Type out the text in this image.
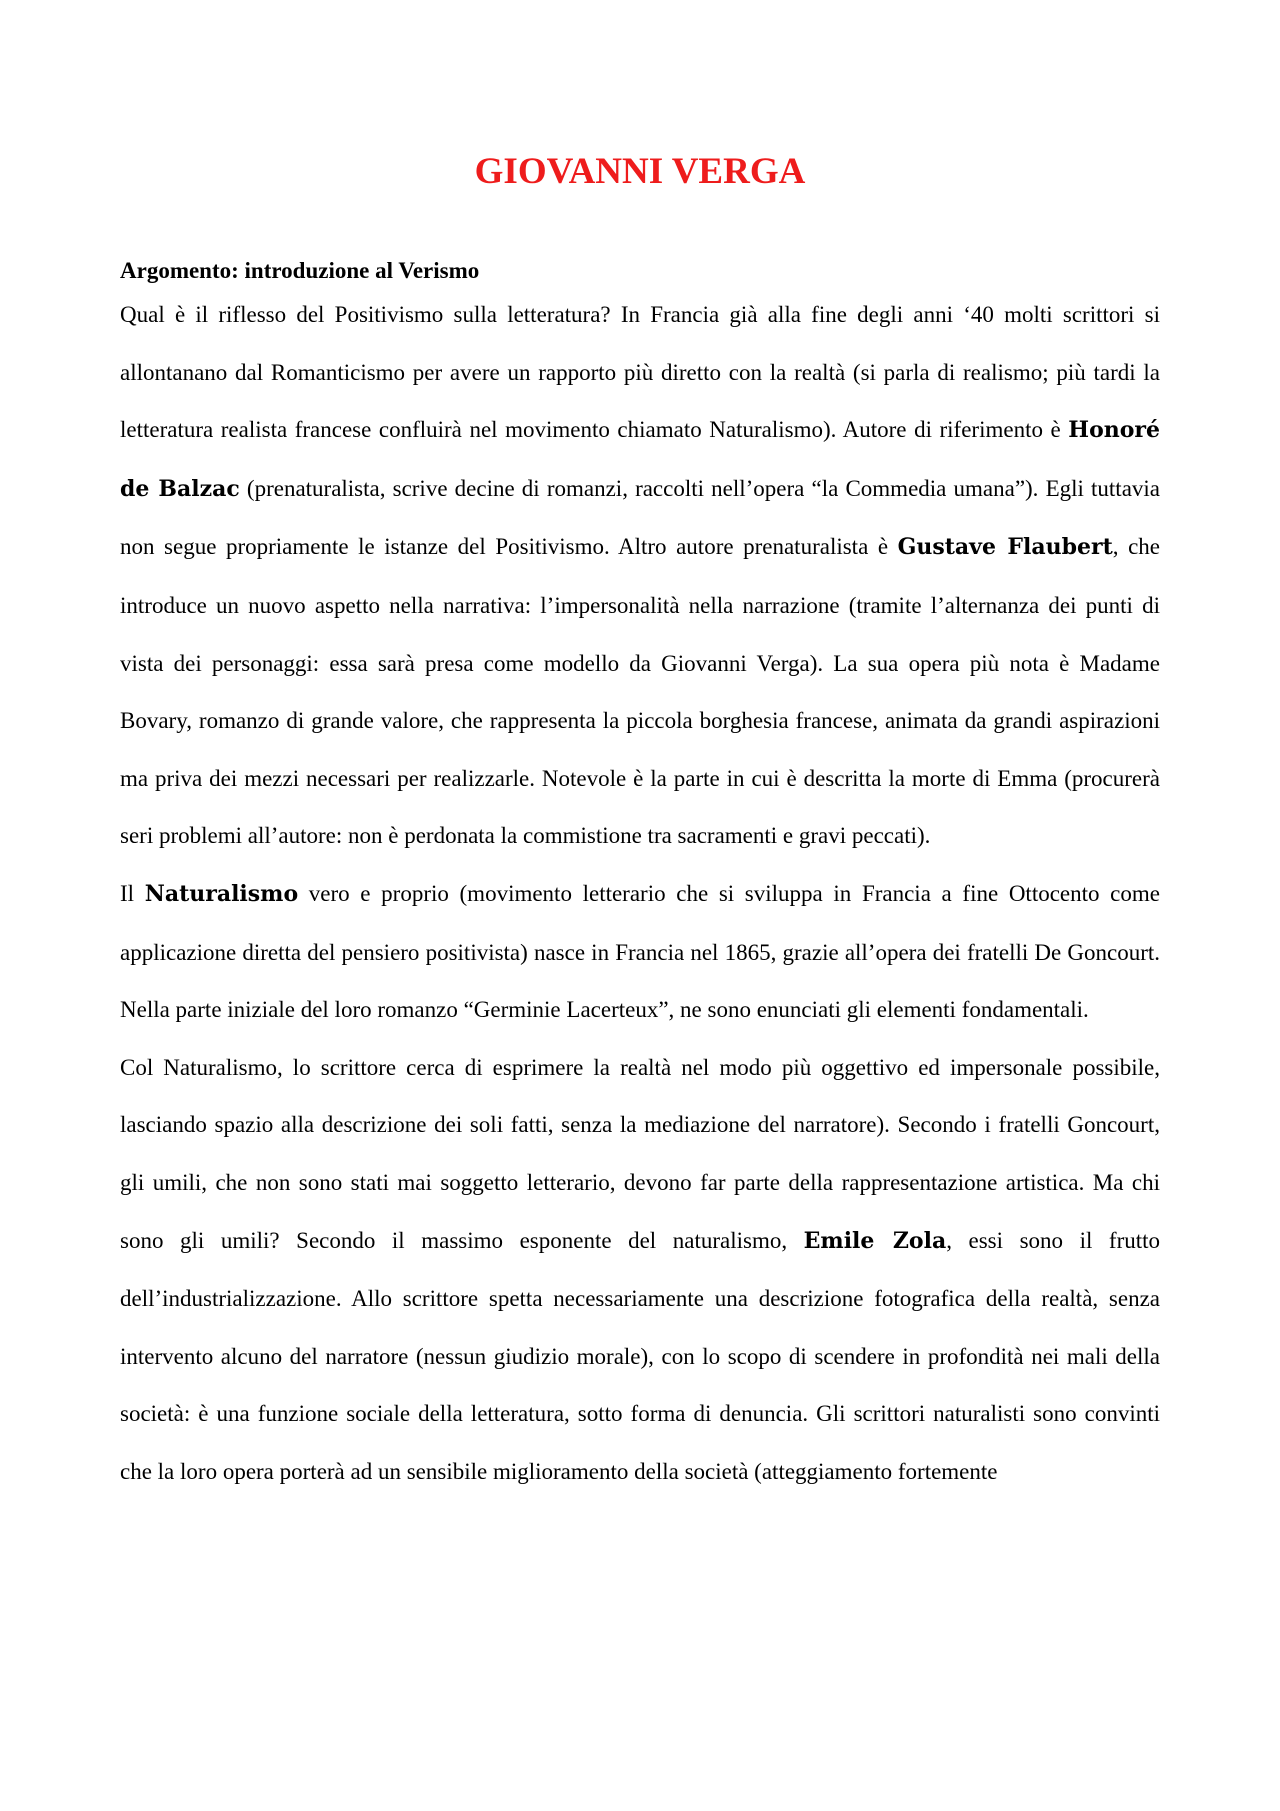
GIOVANNI VERGA

Argomento: introduzione al Verismo

Qual è il riflesso del Positivismo sulla letteratura? In Francia già alla fine degli anni ‘40 molti scrittori si allontanano dal Romanticismo per avere un rapporto più diretto con la realtà (si parla di realismo; più tardi la letteratura realista francese confluirà nel movimento chiamato Naturalismo). Autore di riferimento è Honoré de Balzac (prenaturalista, scrive decine di romanzi, raccolti nell’opera “la Commedia umana”). Egli tuttavia non segue propriamente le istanze del Positivismo. Altro autore prenaturalista è Gustave Flaubert, che introduce un nuovo aspetto nella narrativa: l’impersonalità nella narrazione (tramite l’alternanza dei punti di vista dei personaggi: essa sarà presa come modello da Giovanni Verga). La sua opera più nota è Madame Bovary, romanzo di grande valore, che rappresenta la piccola borghesia francese, animata da grandi aspirazioni ma priva dei mezzi necessari per realizzarle. Notevole è la parte in cui è descritta la morte di Emma (procurerà seri problemi all’autore: non è perdonata la commistione tra sacramenti e gravi peccati).

Il Naturalismo vero e proprio (movimento letterario che si sviluppa in Francia a fine Ottocento come applicazione diretta del pensiero positivista) nasce in Francia nel 1865, grazie all’opera dei fratelli De Goncourt. Nella parte iniziale del loro romanzo “Germinie Lacerteux”, ne sono enunciati gli elementi fondamentali.

Col Naturalismo, lo scrittore cerca di esprimere la realtà nel modo più oggettivo ed impersonale possibile, lasciando spazio alla descrizione dei soli fatti, senza la mediazione del narratore). Secondo i fratelli Goncourt, gli umili, che non sono stati mai soggetto letterario, devono far parte della rappresentazione artistica. Ma chi sono gli umili? Secondo il massimo esponente del naturalismo, Emile Zola, essi sono il frutto dell’industrializzazione. Allo scrittore spetta necessariamente una descrizione fotografica della realtà, senza intervento alcuno del narratore (nessun giudizio morale), con lo scopo di scendere in profondità nei mali della società: è una funzione sociale della letteratura, sotto forma di denuncia. Gli scrittori naturalisti sono convinti che la loro opera porterà ad un sensibile miglioramento della società (atteggiamento fortemente
